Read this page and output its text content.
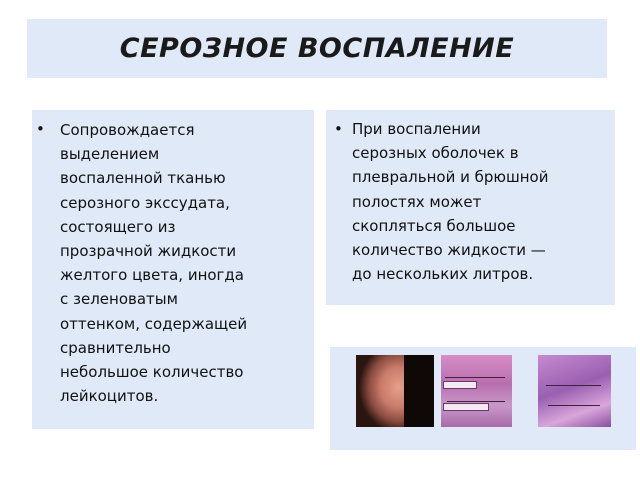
СЕРОЗНОЕ ВОСПАЛЕНИЕ
• Сопровождается
выделением
воспаленной тканью
серозного экссудата,
состоящего из
прозрачной жидкости
желтого цвета, иногда
с зеленоватым
оттенком, содержащей
сравнительно
небольшое количество
лейкоцитов.
• При воспалении
серозных оболочек в
плевральной и брюшной
полостях может
скопляться большое
количество жидкости —
до нескольких литров.
